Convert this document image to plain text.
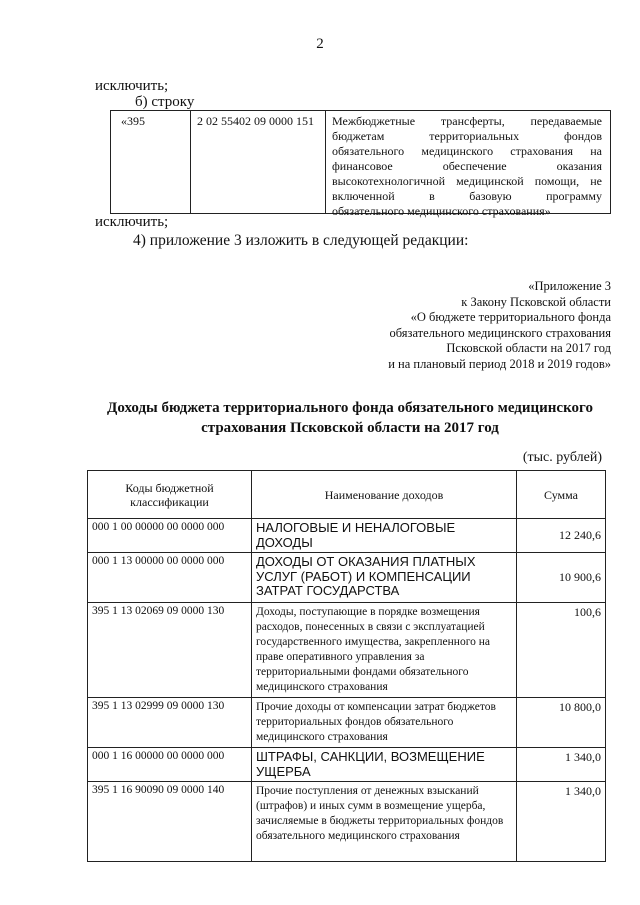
2
исключить;
б) строку
«395	2 02 55402 09 0000 151	Межбюджетные трансферты, передаваемые
бюджетам территориальных фондов
обязательного медицинского страхования на
финансовое обеспечение оказания
высокотехнологичной медицинской помощи, не
включенной в базовую программу
обязательного медицинского страхования»
исключить;
4) приложение 3 изложить в следующей редакции:
«Приложение 3
к Закону Псковской области
«О бюджете территориального фонда
обязательного медицинского страхования
Псковской области на 2017 год
и на плановый период 2018 и 2019 годов»
Доходы бюджета территориального фонда обязательного медицинского
страхования Псковской области на 2017 год
(тыс. рублей)
Коды бюджетной классификации	Наименование доходов	Сумма
000 1 00 00000 00 0000 000	НАЛОГОВЫЕ И НЕНАЛОГОВЫЕ ДОХОДЫ	12 240,6
000 1 13 00000 00 0000 000	ДОХОДЫ ОТ ОКАЗАНИЯ ПЛАТНЫХ УСЛУГ (РАБОТ) И КОМПЕНСАЦИИ ЗАТРАТ ГОСУДАРСТВА	10 900,6
395 1 13 02069 09 0000 130	Доходы, поступающие в порядке возмещения расходов, понесенных в связи с эксплуатацией государственного имущества, закрепленного на праве оперативного управления за территориальными фондами обязательного медицинского страхования	100,6
395 1 13 02999 09 0000 130	Прочие доходы от компенсации затрат бюджетов территориальных фондов обязательного медицинского страхования	10 800,0
000 1 16 00000 00 0000 000	ШТРАФЫ, САНКЦИИ, ВОЗМЕЩЕНИЕ УЩЕРБА	1 340,0
395 1 16 90090 09 0000 140	Прочие поступления от денежных взысканий (штрафов) и иных сумм в возмещение ущерба, зачисляемые в бюджеты территориальных фондов обязательного медицинского страхования	1 340,0
